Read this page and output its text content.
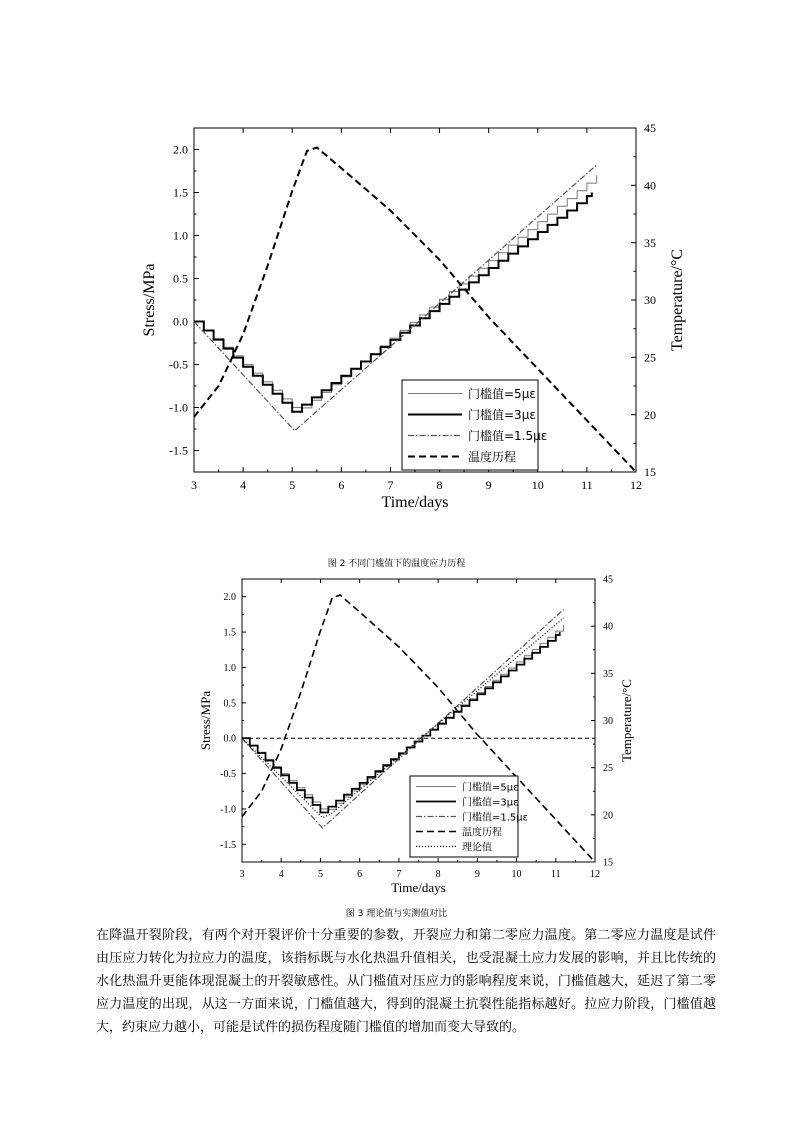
3	4	5	6	7	8	9	10	11	12
-1.5
-1.0
-0.5
0.0
0.5
1.0
1.5
2.0
15
20
25
30
35
40
45
Time/days
Stress/MPa	Temperature/°C
门槛值=5με
门槛值=3με
门槛值=1.5με
温度历程
图 2 不同门槛值下的温度应力历程
3	4	5	6	7	8	9	10	11	12
-1.5
-1.0
-0.5
0.0
0.5
1.0
1.5
2.0
15
20
25
30
35
40
45
Time/days
Stress/MPa	Temperature/°C
门槛值=5με
门槛值=3με
门槛值=1.5με
温度历程
理论值
图 3 理论值与实测值对比
在降温开裂阶段，有两个对开裂评价十分重要的参数，开裂应力和第二零应力温度。第二零应力温度是试件由压应力转化为拉应力的温度，该指标既与水化热温升值相关，也受混凝土应力发展的影响，并且比传统的水化热温升更能体现混凝土的开裂敏感性。从门槛值对压应力的影响程度来说，门槛值越大，延迟了第二零应力温度的出现，从这一方面来说，门槛值越大，得到的混凝土抗裂性能指标越好。拉应力阶段，门槛值越大，约束应力越小，可能是试件的损伤程度随门槛值的增加而变大导致的。
